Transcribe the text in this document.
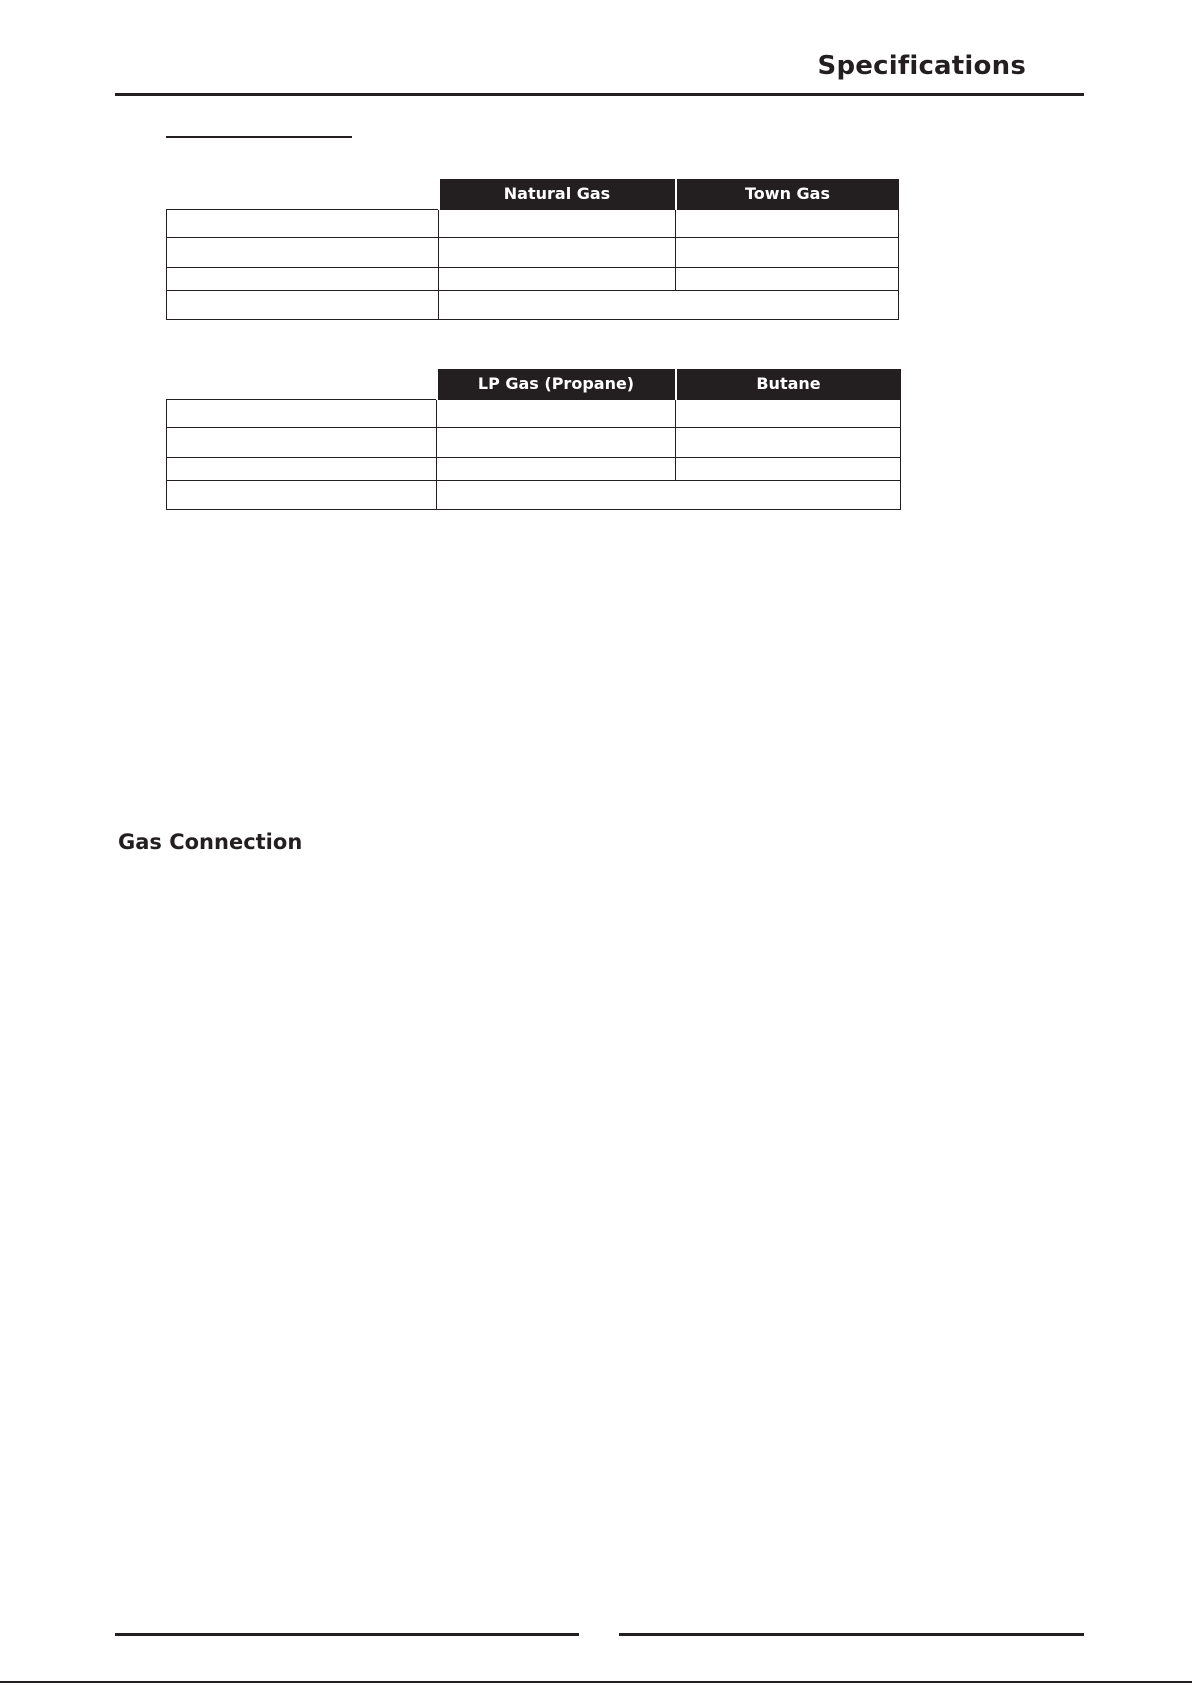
Specifications
	Natural Gas	Town Gas

	LP Gas (Propane)	Butane

Gas Connection
